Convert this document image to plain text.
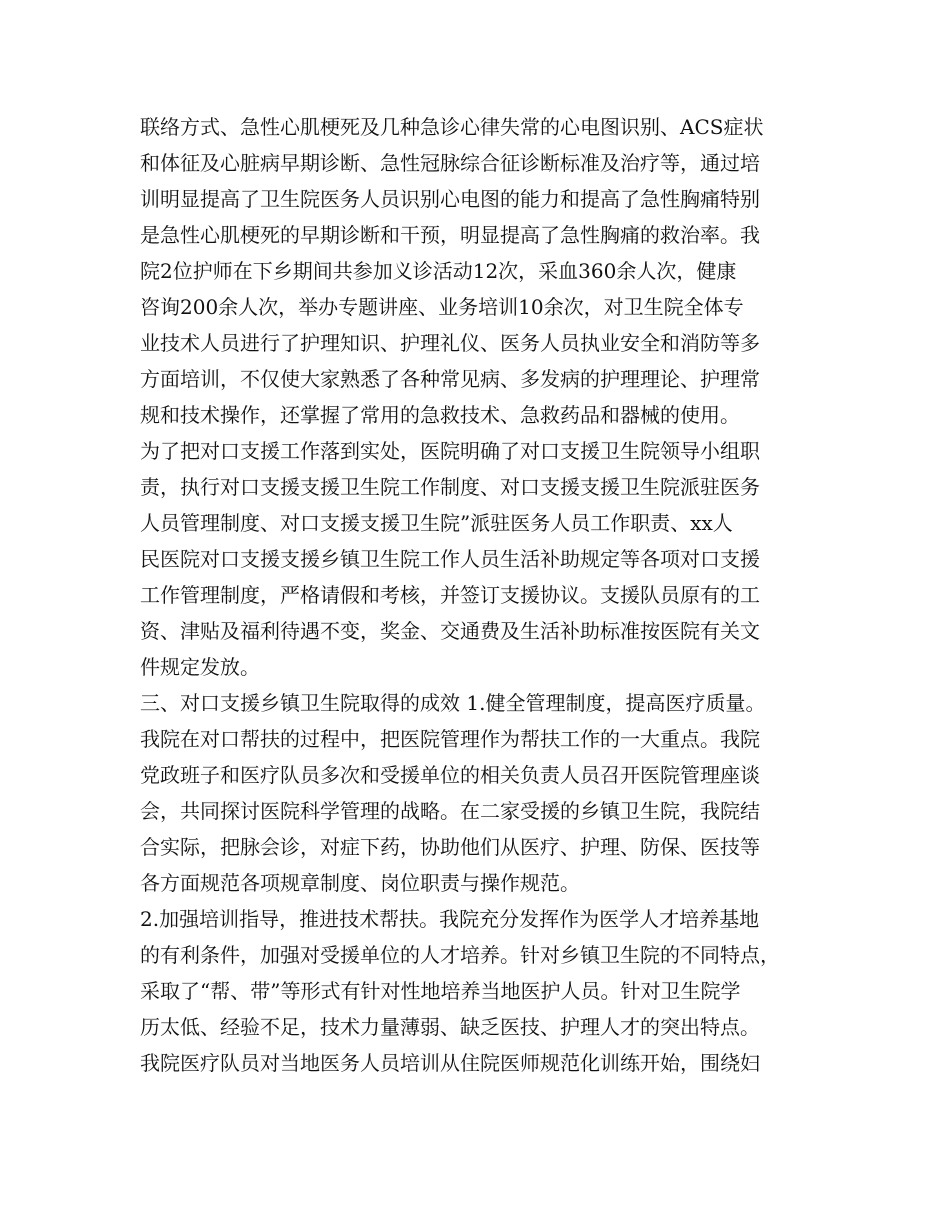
联络方式、急性心肌梗死及几种急诊心律失常的心电图识别、ACS症状
和体征及心脏病早期诊断、急性冠脉综合征诊断标准及治疗等，通过培
训明显提高了卫生院医务人员识别心电图的能力和提高了急性胸痛特别
是急性心肌梗死的早期诊断和干预，明显提高了急性胸痛的救治率。我
院2位护师在下乡期间共参加义诊活动12次，采血360余人次，健康
咨询200余人次，举办专题讲座、业务培训10余次，对卫生院全体专
业技术人员进行了护理知识、护理礼仪、医务人员执业安全和消防等多
方面培训，不仅使大家熟悉了各种常见病、多发病的护理理论、护理常
规和技术操作，还掌握了常用的急救技术、急救药品和器械的使用。
为了把对口支援工作落到实处，医院明确了对口支援卫生院领导小组职
责，执行对口支援支援卫生院工作制度、对口支援支援卫生院派驻医务
人员管理制度、对口支援支援卫生院”派驻医务人员工作职责、xx人
民医院对口支援支援乡镇卫生院工作人员生活补助规定等各项对口支援
工作管理制度，严格请假和考核，并签订支援协议。支援队员原有的工
资、津贴及福利待遇不变，奖金、交通费及生活补助标准按医院有关文
件规定发放。
三、对口支援乡镇卫生院取得的成效 1.健全管理制度，提高医疗质量。
我院在对口帮扶的过程中，把医院管理作为帮扶工作的一大重点。我院
党政班子和医疗队员多次和受援单位的相关负责人员召开医院管理座谈
会，共同探讨医院科学管理的战略。在二家受援的乡镇卫生院，我院结
合实际，把脉会诊，对症下药，协助他们从医疗、护理、防保、医技等
各方面规范各项规章制度、岗位职责与操作规范。
2.加强培训指导，推进技术帮扶。我院充分发挥作为医学人才培养基地
的有利条件，加强对受援单位的人才培养。针对乡镇卫生院的不同特点，
采取了“帮、带”等形式有针对性地培养当地医护人员。针对卫生院学
历太低、经验不足，技术力量薄弱、缺乏医技、护理人才的突出特点。
我院医疗队员对当地医务人员培训从住院医师规范化训练开始，围绕妇
